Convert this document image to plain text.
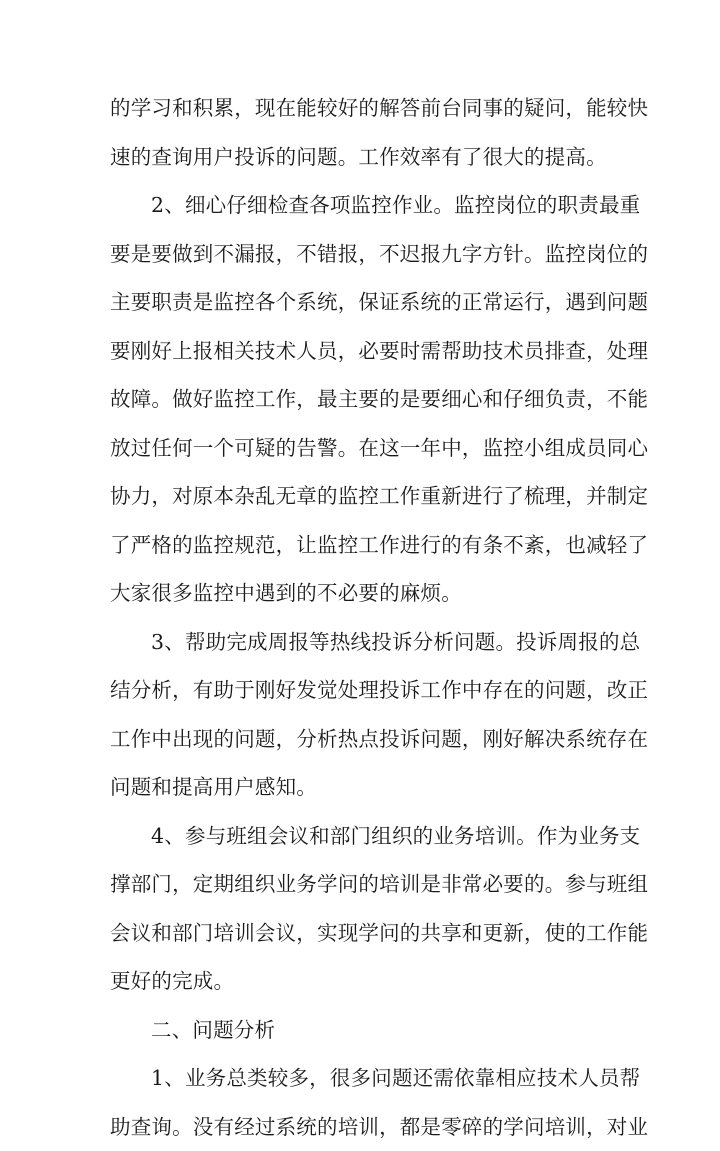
的学习和积累，现在能较好的解答前台同事的疑问，能较快
速的查询用户投诉的问题。工作效率有了很大的提高。
2、细心仔细检查各项监控作业。监控岗位的职责最重
要是要做到不漏报，不错报，不迟报九字方针。监控岗位的
主要职责是监控各个系统，保证系统的正常运行，遇到问题
要刚好上报相关技术人员，必要时需帮助技术员排查，处理
故障。做好监控工作，最主要的是要细心和仔细负责，不能
放过任何一个可疑的告警。在这一年中，监控小组成员同心
协力，对原本杂乱无章的监控工作重新进行了梳理，并制定
了严格的监控规范，让监控工作进行的有条不紊，也减轻了
大家很多监控中遇到的不必要的麻烦。
3、帮助完成周报等热线投诉分析问题。投诉周报的总
结分析，有助于刚好发觉处理投诉工作中存在的问题，改正
工作中出现的问题，分析热点投诉问题，刚好解决系统存在
问题和提高用户感知。
4、参与班组会议和部门组织的业务培训。作为业务支
撑部门，定期组织业务学问的培训是非常必要的。参与班组
会议和部门培训会议，实现学问的共享和更新，使的工作能
更好的完成。
二、问题分析
1、业务总类较多，很多问题还需依靠相应技术人员帮
助查询。没有经过系统的培训，都是零碎的学问培训，对业
